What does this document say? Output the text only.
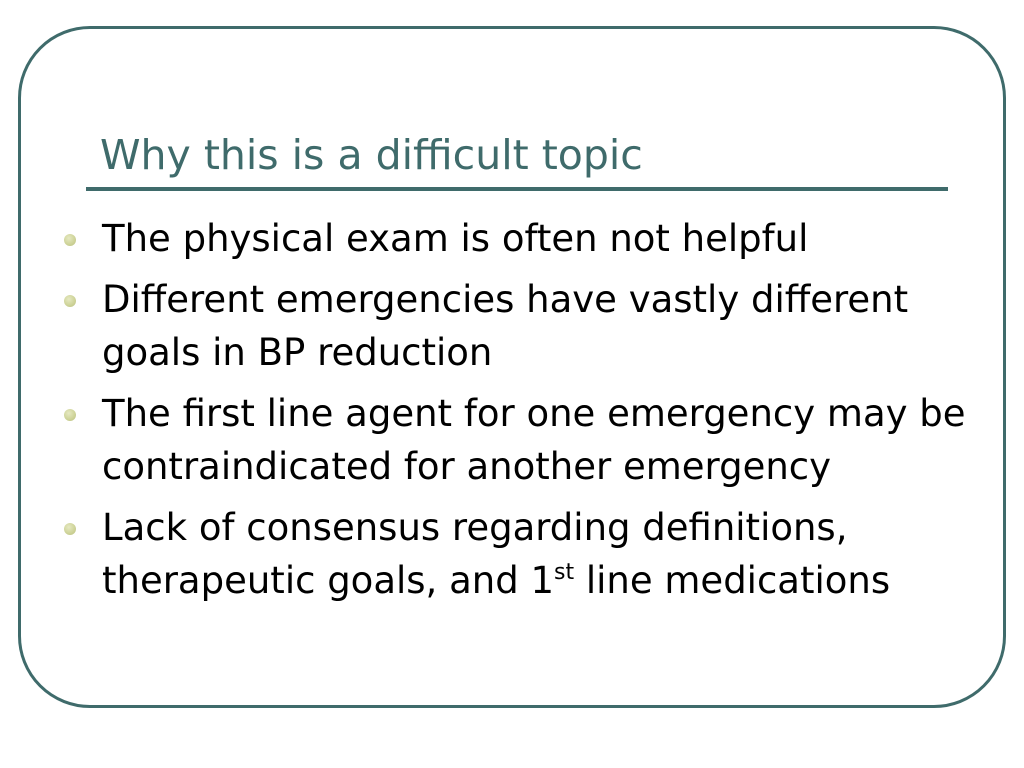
Why this is a difficult topic
The physical exam is often not helpful
Different emergencies have vastly different goals in BP reduction
The first line agent for one emergency may be contraindicated for another emergency
Lack of consensus regarding definitions, therapeutic goals, and 1st line medications
